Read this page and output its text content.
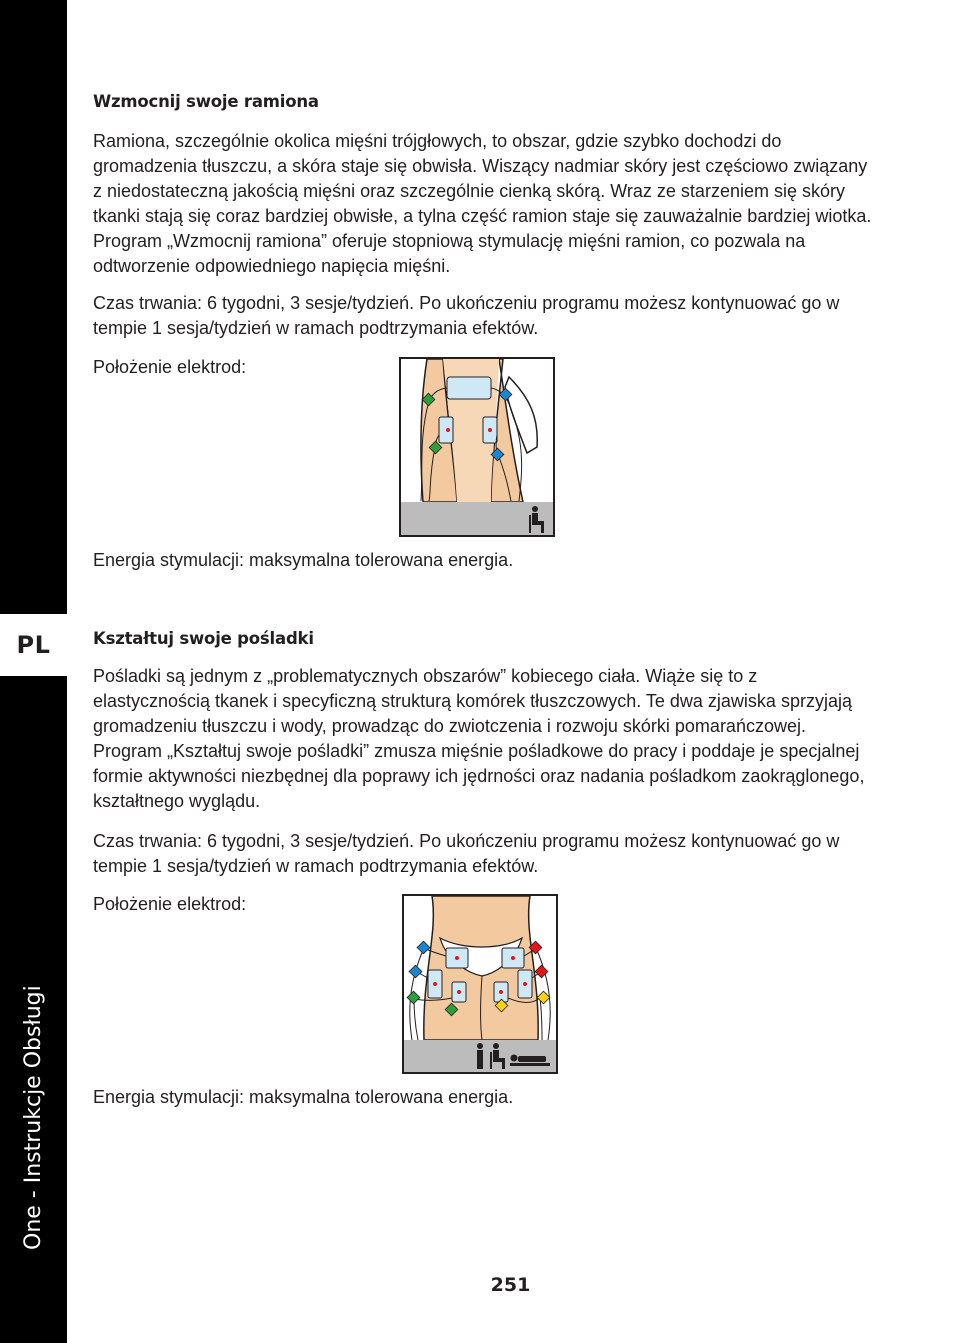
PL
One - Instrukcje Obsługi
Wzmocnij swoje ramiona

Ramiona, szczególnie okolica mięśni trójgłowych, to obszar, gdzie szybko dochodzi do gromadzenia tłuszczu, a skóra staje się obwisła. Wiszący nadmiar skóry jest częściowo związany z niedostateczną jakością mięśni oraz szczególnie cienką skórą. Wraz ze starzeniem się skóry tkanki stają się coraz bardziej obwisłe, a tylna część ramion staje się zauważalnie bardziej wiotka. Program „Wzmocnij ramiona” oferuje stopniową stymulację mięśni ramion, co pozwala na odtworzenie odpowiedniego napięcia mięśni.

Czas trwania: 6 tygodni, 3 sesje/tydzień. Po ukończeniu programu możesz kontynuować go w tempie 1 sesja/tydzień w ramach podtrzymania efektów.

Położenie elektrod:
Energia stymulacji: maksymalna tolerowana energia.
Kształtuj swoje pośladki

Pośladki są jednym z „problematycznych obszarów” kobiecego ciała. Wiąże się to z elastycznością tkanek i specyficzną strukturą komórek tłuszczowych. Te dwa zjawiska sprzyjają gromadzeniu tłuszczu i wody, prowadząc do zwiotczenia i rozwoju skórki pomarańczowej. Program „Kształtuj swoje pośladki” zmusza mięśnie pośladkowe do pracy i poddaje je specjalnej formie aktywności niezbędnej dla poprawy ich jędrności oraz nadania pośladkom zaokrąglonego, kształtnego wyglądu.

Czas trwania: 6 tygodni, 3 sesje/tydzień. Po ukończeniu programu możesz kontynuować go w tempie 1 sesja/tydzień w ramach podtrzymania efektów.

Położenie elektrod:
Energia stymulacji: maksymalna tolerowana energia.
251
